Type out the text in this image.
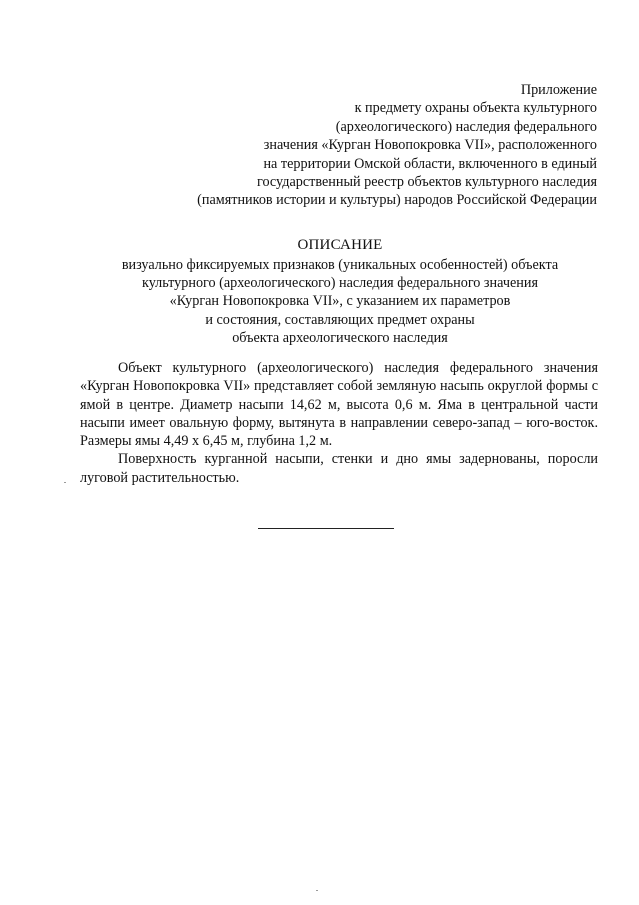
Приложение
к предмету охраны объекта культурного
(археологического) наследия федерального
значения «Курган Новопокровка VII», расположенного
на территории Омской области, включенного в единый
государственный реестр объектов культурного наследия
(памятников истории и культуры) народов Российской Федерации
ОПИСАНИЕ
визуально фиксируемых признаков (уникальных особенностей) объекта
культурного (археологического) наследия федерального значения
«Курган Новопокровка VII», с указанием их параметров
и состояния, составляющих предмет охраны
объекта археологического наследия

Объект культурного (археологического) наследия федерального значения «Курган Новопокровка VII» представляет собой земляную насыпь округлой формы с ямой в центре. Диаметр насыпи 14,62 м, высота 0,6 м. Яма в центральной части насыпи имеет овальную форму, вытянута в направлении северо-запад – юго-восток. Размеры ямы 4,49 х 6,45 м, глубина 1,2 м.

Поверхность курганной насыпи, стенки и дно ямы задернованы, поросли луговой растительностью.
